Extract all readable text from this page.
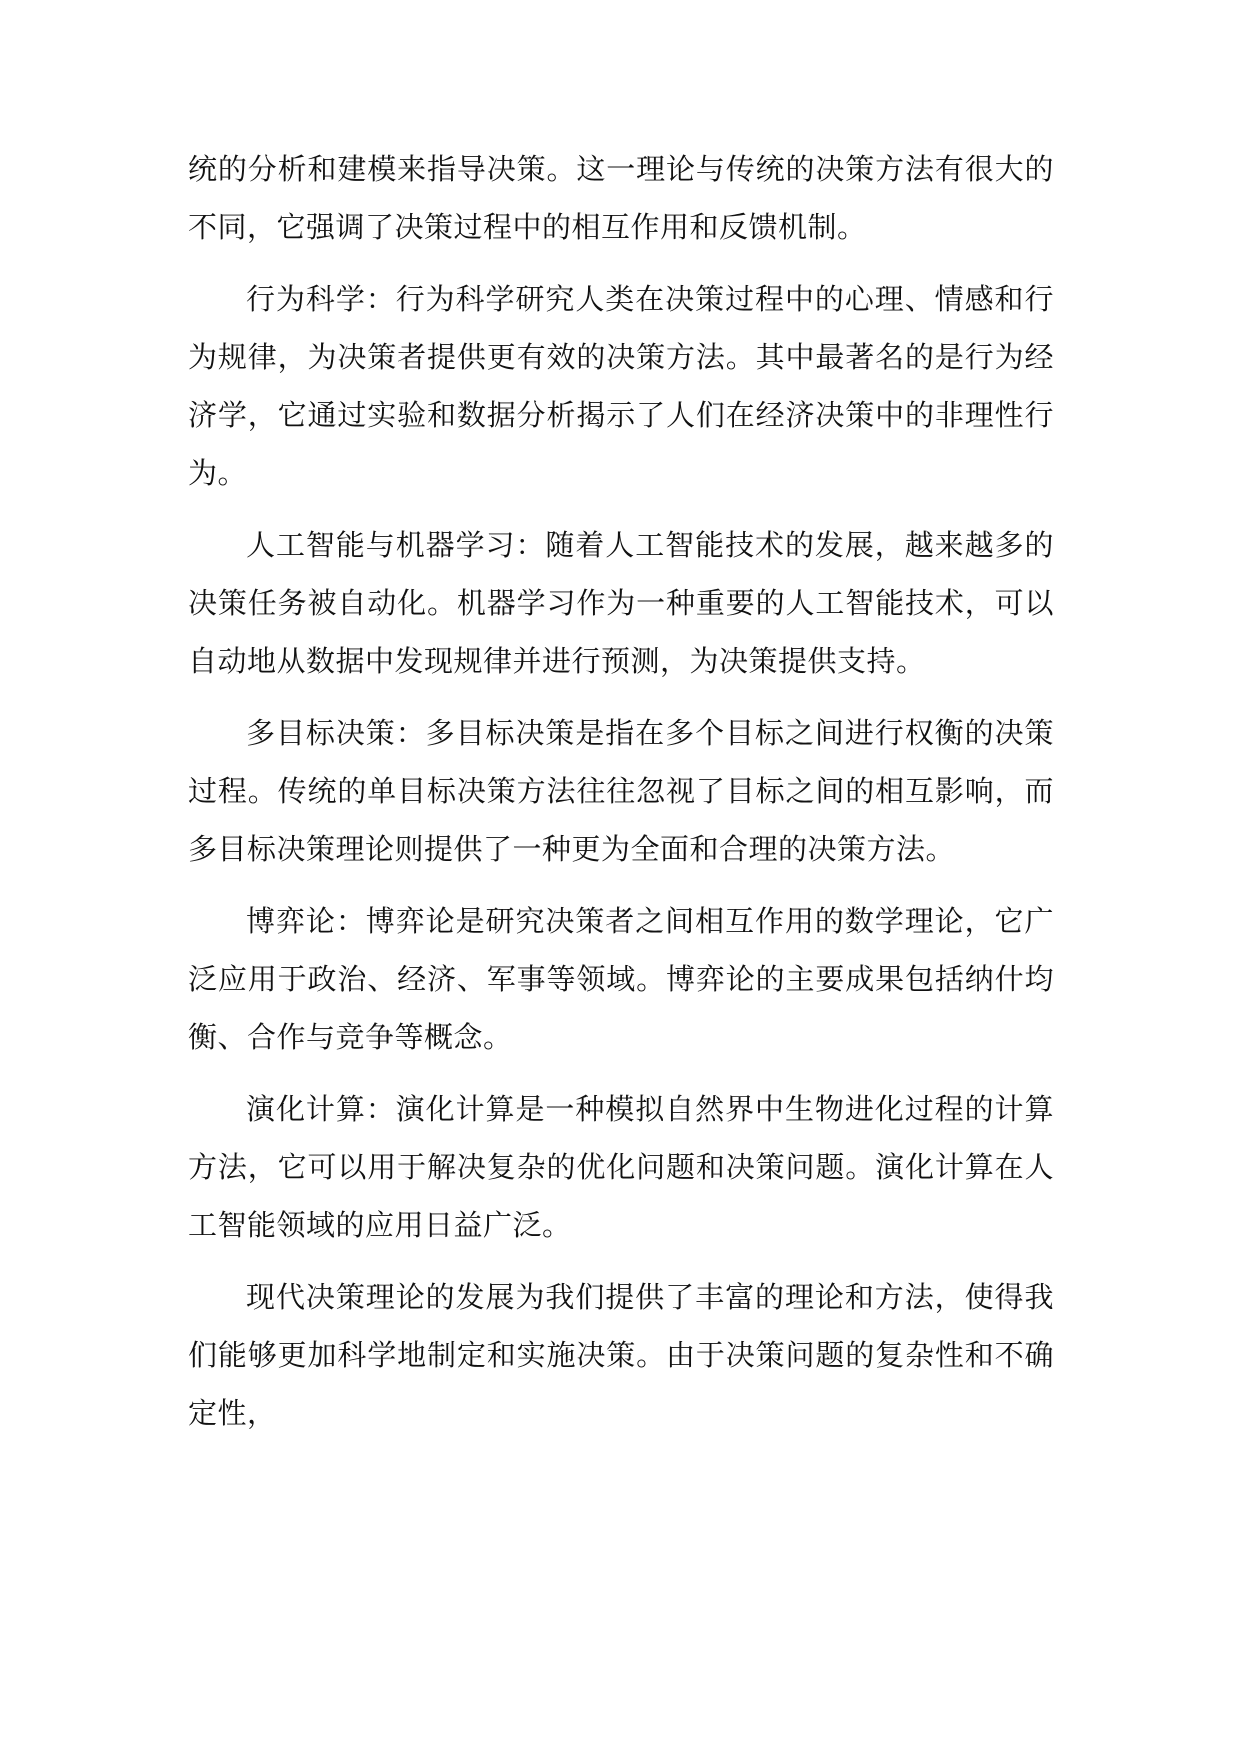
统的分析和建模来指导决策。这一理论与传统的决策方法有很大的不同，它强调了决策过程中的相互作用和反馈机制。

行为科学：行为科学研究人类在决策过程中的心理、情感和行为规律，为决策者提供更有效的决策方法。其中最著名的是行为经济学，它通过实验和数据分析揭示了人们在经济决策中的非理性行为。

人工智能与机器学习：随着人工智能技术的发展，越来越多的决策任务被自动化。机器学习作为一种重要的人工智能技术，可以自动地从数据中发现规律并进行预测，为决策提供支持。

多目标决策：多目标决策是指在多个目标之间进行权衡的决策过程。传统的单目标决策方法往往忽视了目标之间的相互影响，而多目标决策理论则提供了一种更为全面和合理的决策方法。

博弈论：博弈论是研究决策者之间相互作用的数学理论，它广泛应用于政治、经济、军事等领域。博弈论的主要成果包括纳什均衡、合作与竞争等概念。

演化计算：演化计算是一种模拟自然界中生物进化过程的计算方法，它可以用于解决复杂的优化问题和决策问题。演化计算在人工智能领域的应用日益广泛。

现代决策理论的发展为我们提供了丰富的理论和方法，使得我们能够更加科学地制定和实施决策。由于决策问题的复杂性和不确定性，
